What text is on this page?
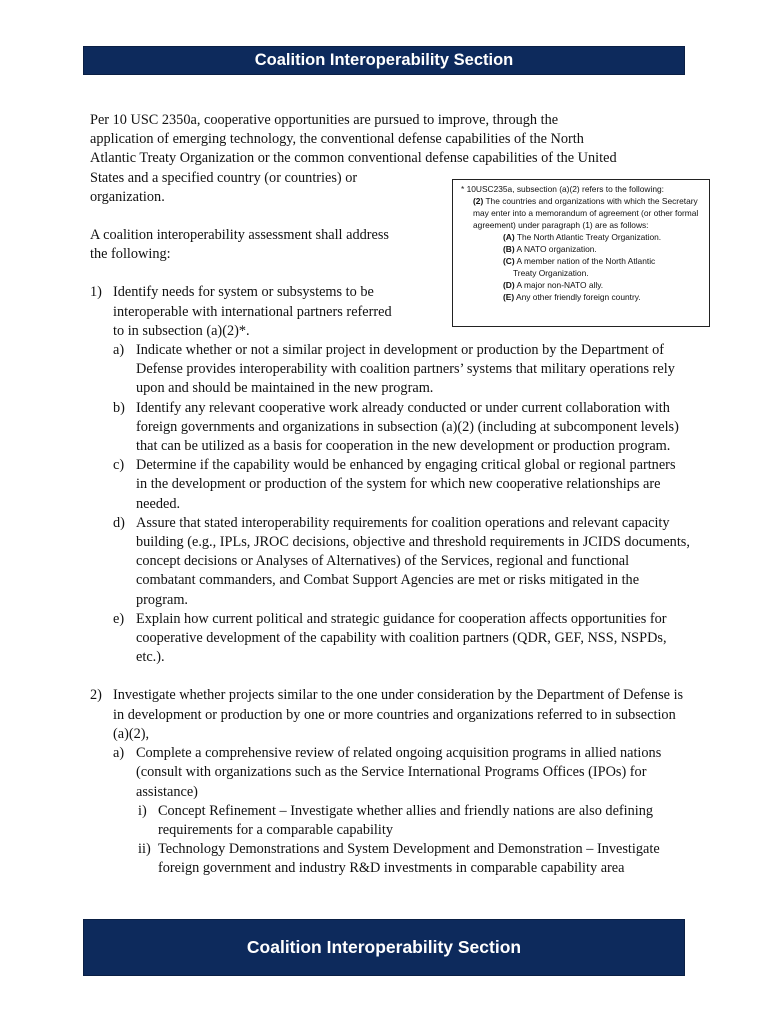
Coalition Interoperability Section

Per 10 USC 2350a, cooperative opportunities are pursued to improve, through the

application of emerging technology, the conventional defense capabilities of the North

Atlantic Treaty Organization or the common conventional defense capabilities of the United

States and a specified country (or countries) or

organization.

A coalition interoperability assessment shall address

the following:

1) Identify needs for system or subsystems to be
interoperable with international partners referred
to in subsection (a)(2)*.
a) Indicate whether or not a similar project in development or production by the Department of Defense provides interoperability with coalition partners’ systems that military operations rely upon and should be maintained in the new program.
b) Identify any relevant cooperative work already conducted or under current collaboration with foreign governments and organizations in subsection (a)(2) (including at subcomponent levels) that can be utilized as a basis for cooperation in the new development or production program.
c) Determine if the capability would be enhanced by engaging critical global or regional partners in the development or production of the system for which new cooperative relationships are needed.
d) Assure that stated interoperability requirements for coalition operations and relevant capacity building (e.g., IPLs, JROC decisions, objective and threshold requirements in JCIDS documents, concept decisions or Analyses of Alternatives) of the Services, regional and functional combatant commanders, and Combat Support Agencies are met or risks mitigated in the program.
e) Explain how current political and strategic guidance for cooperation affects opportunities for cooperative development of the capability with coalition partners (QDR, GEF, NSS, NSPDs, etc.).
2) Investigate whether projects similar to the one under consideration by the Department of Defense is in development or production by one or more countries and organizations referred to in subsection (a)(2),
a) Complete a comprehensive review of related ongoing acquisition programs in allied nations (consult with organizations such as the Service International Programs Offices (IPOs) for assistance)
i) Concept Refinement – Investigate whether allies and friendly nations are also defining requirements for a comparable capability
ii) Technology Demonstrations and System Development and Demonstration – Investigate foreign government and industry R&D investments in comparable capability area

* 10USC235a, subsection (a)(2) refers to the following:

(2) The countries and organizations with which the Secretary may enter into a memorandum of agreement (or other formal agreement) under paragraph (1) are as follows:

(A) The North Atlantic Treaty Organization.

(B) A NATO organization.

(C) A member nation of the North Atlantic

Treaty Organization.

(D) A major non-NATO ally.

(E) Any other friendly foreign country.

Coalition Interoperability Section
